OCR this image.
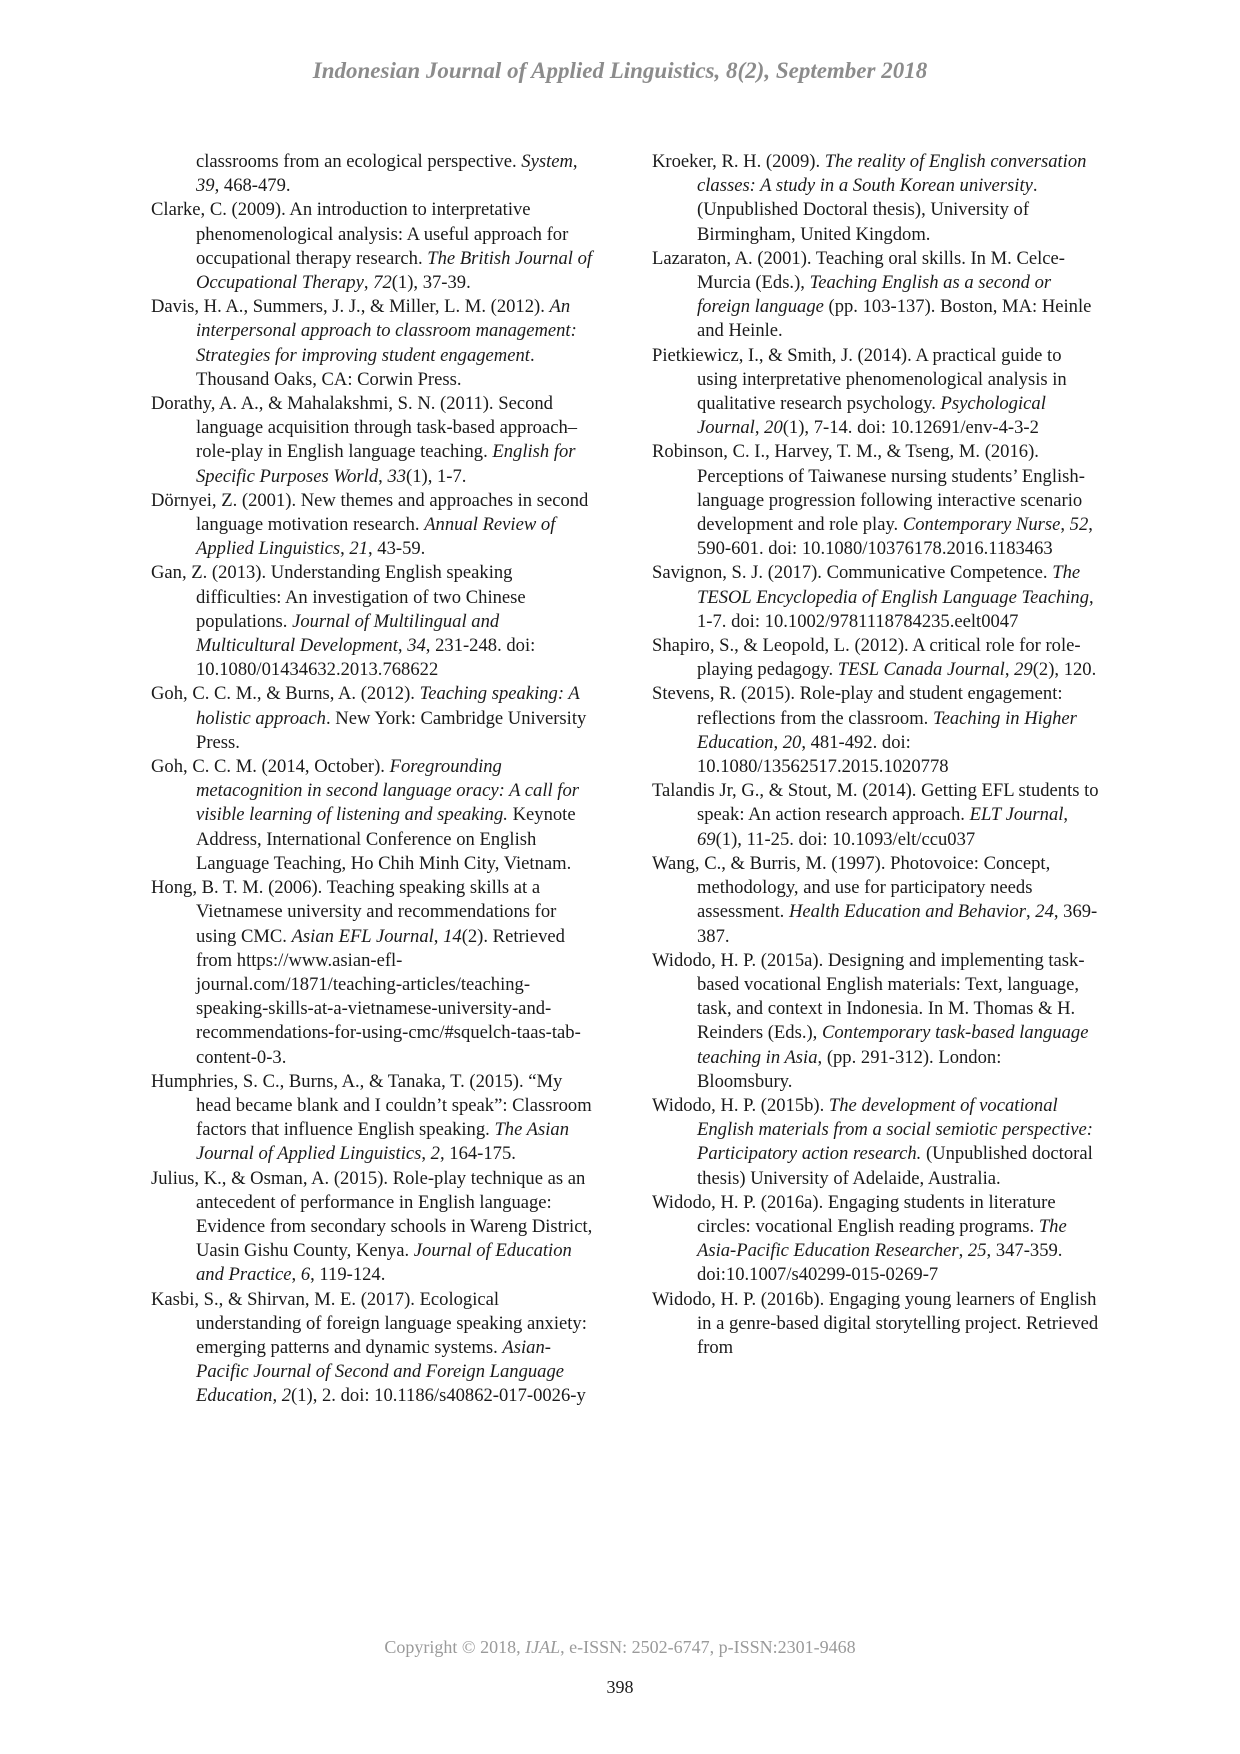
Indonesian Journal of Applied Linguistics, 8(2), September 2018

classrooms from an ecological perspective. System, 39, 468-479.

Clarke, C. (2009). An introduction to interpretative phenomenological analysis: A useful approach for occupational therapy research. The British Journal of Occupational Therapy, 72(1), 37-39.

Davis, H. A., Summers, J. J., & Miller, L. M. (2012). An interpersonal approach to classroom management: Strategies for improving student engagement. Thousand Oaks, CA: Corwin Press.

Dorathy, A. A., & Mahalakshmi, S. N. (2011). Second language acquisition through task-based approach–role-play in English language teaching. English for Specific Purposes World, 33(1), 1-7.

Dörnyei, Z. (2001). New themes and approaches in second language motivation research. Annual Review of Applied Linguistics, 21, 43-59.

Gan, Z. (2013). Understanding English speaking difficulties: An investigation of two Chinese populations. Journal of Multilingual and Multicultural Development, 34, 231-248. doi: 10.1080/01434632.2013.768622

Goh, C. C. M., & Burns, A. (2012). Teaching speaking: A holistic approach. New York: Cambridge University Press.

Goh, C. C. M. (2014, October). Foregrounding metacognition in second language oracy: A call for visible learning of listening and speaking. Keynote Address, International Conference on English Language Teaching, Ho Chih Minh City, Vietnam.

Hong, B. T. M. (2006). Teaching speaking skills at a Vietnamese university and recommendations for using CMC. Asian EFL Journal, 14(2). Retrieved from https://www.asian-efl-journal.com/1871/teaching-articles/teaching-speaking-skills-at-a-vietnamese-university-and-recommendations-for-using-cmc/#squelch-taas-tab-content-0-3.

Humphries, S. C., Burns, A., & Tanaka, T. (2015). “My head became blank and I couldn’t speak”: Classroom factors that influence English speaking. The Asian Journal of Applied Linguistics, 2, 164-175.

Julius, K., & Osman, A. (2015). Role-play technique as an antecedent of performance in English language: Evidence from secondary schools in Wareng District, Uasin Gishu County, Kenya. Journal of Education and Practice, 6, 119-124.

Kasbi, S., & Shirvan, M. E. (2017). Ecological understanding of foreign language speaking anxiety: emerging patterns and dynamic systems. Asian-Pacific Journal of Second and Foreign Language Education, 2(1), 2. doi: 10.1186/s40862-017-0026-y

Kroeker, R. H. (2009). The reality of English conversation classes: A study in a South Korean university. (Unpublished Doctoral thesis), University of Birmingham, United Kingdom.

Lazaraton, A. (2001). Teaching oral skills. In M. Celce-Murcia (Eds.), Teaching English as a second or foreign language (pp. 103-137). Boston, MA: Heinle and Heinle.

Pietkiewicz, I., & Smith, J. (2014). A practical guide to using interpretative phenomenological analysis in qualitative research psychology. Psychological Journal, 20(1), 7-14. doi: 10.12691/env-4-3-2

Robinson, C. I., Harvey, T. M., & Tseng, M. (2016). Perceptions of Taiwanese nursing students’ English-language progression following interactive scenario development and role play. Contemporary Nurse, 52, 590-601. doi: 10.1080/10376178.2016.1183463

Savignon, S. J. (2017). Communicative Competence. The TESOL Encyclopedia of English Language Teaching, 1-7. doi: 10.1002/9781118784235.eelt0047

Shapiro, S., & Leopold, L. (2012). A critical role for role-playing pedagogy. TESL Canada Journal, 29(2), 120.

Stevens, R. (2015). Role-play and student engagement: reflections from the classroom. Teaching in Higher Education, 20, 481-492. doi: 10.1080/13562517.2015.1020778

Talandis Jr, G., & Stout, M. (2014). Getting EFL students to speak: An action research approach. ELT Journal, 69(1), 11-25. doi: 10.1093/elt/ccu037

Wang, C., & Burris, M. (1997). Photovoice: Concept, methodology, and use for participatory needs assessment. Health Education and Behavior, 24, 369-387.

Widodo, H. P. (2015a). Designing and implementing task-based vocational English materials: Text, language, task, and context in Indonesia. In M. Thomas & H. Reinders (Eds.), Contemporary task-based language teaching in Asia, (pp. 291-312). London: Bloomsbury.

Widodo, H. P. (2015b). The development of vocational English materials from a social semiotic perspective: Participatory action research. (Unpublished doctoral thesis) University of Adelaide, Australia.

Widodo, H. P. (2016a). Engaging students in literature circles: vocational English reading programs. The Asia-Pacific Education Researcher, 25, 347-359. doi:10.1007/s40299-015-0269-7

Widodo, H. P. (2016b). Engaging young learners of English in a genre-based digital storytelling project. Retrieved from

Copyright © 2018, IJAL, e-ISSN: 2502-6747, p-ISSN:2301-9468
398
